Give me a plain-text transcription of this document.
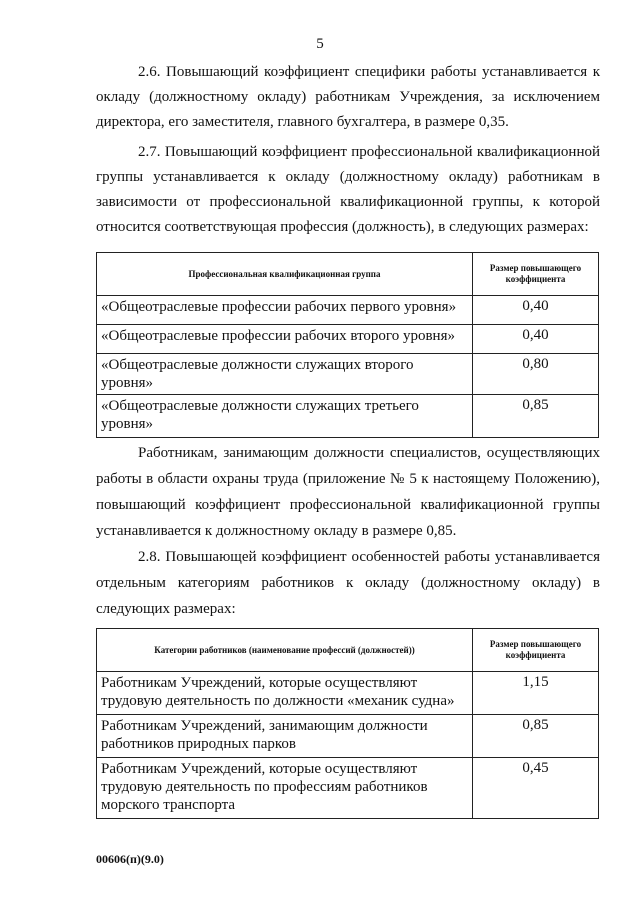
5

2.6. Повышающий коэффициент специфики работы устанавливается к окладу (должностному окладу) работникам Учреждения, за исключением директора, его заместителя, главного бухгалтера, в размере 0,35.

2.7. Повышающий коэффициент профессиональной квалификационной группы устанавливается к окладу (должностному окладу) работникам в зависимости от профессиональной квалификационной группы, к которой относится соответствующая профессия (должность), в следующих размерах:

Профессиональная квалификационная группа	Размер повышающего коэффициента
«Общеотраслевые профессии рабочих первого уровня»	0,40
«Общеотраслевые профессии рабочих второго уровня»	0,40
«Общеотраслевые должности служащих второго уровня»	0,80
«Общеотраслевые должности служащих третьего уровня»	0,85

Работникам, занимающим должности специалистов, осуществляющих работы в области охраны труда (приложение № 5 к настоящему Положению), повышающий коэффициент профессиональной квалификационной группы устанавливается к должностному окладу в размере 0,85.

2.8. Повышающей коэффициент особенностей работы устанавливается отдельным категориям работников к окладу (должностному окладу) в следующих размерах:

Категории работников (наименование профессий (должностей))	Размер повышающего коэффициента
Работникам Учреждений, которые осуществляют трудовую деятельность по должности «механик судна»	1,15
Работникам Учреждений, занимающим должности работников природных парков	0,85
Работникам Учреждений, которые осуществляют трудовую деятельность по профессиям работников морского транспорта	0,45
00606(п)(9.0)
